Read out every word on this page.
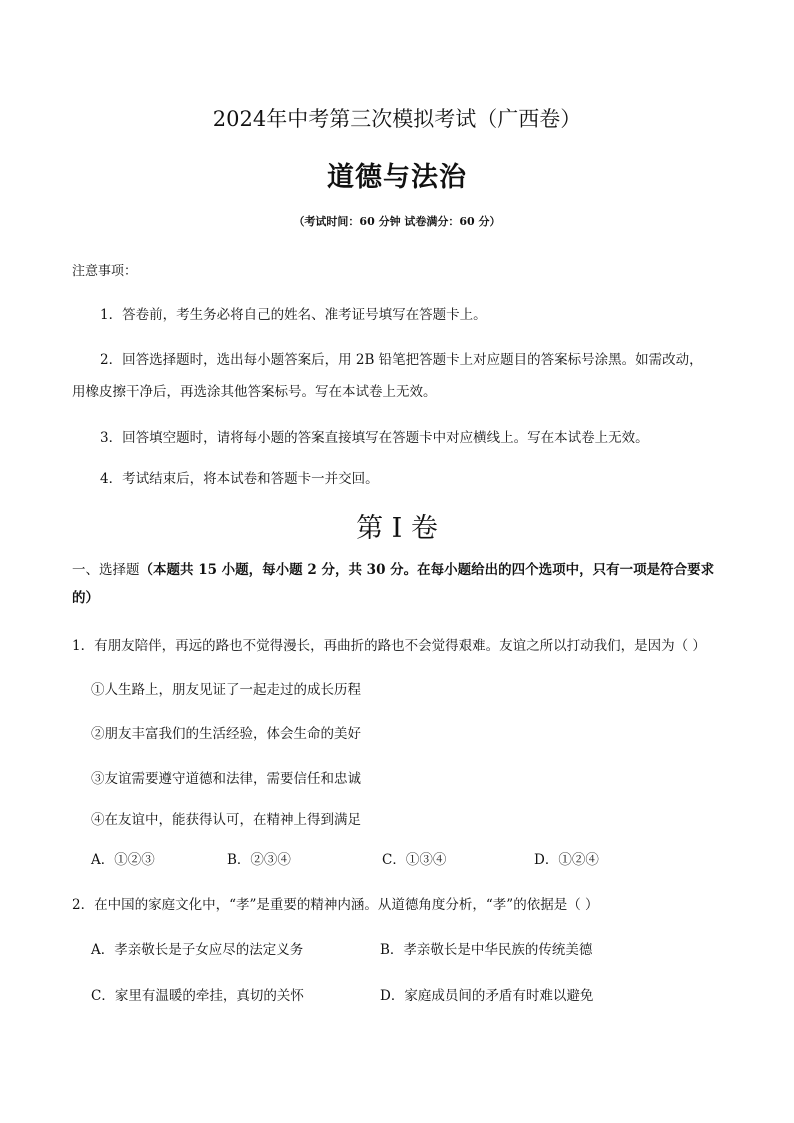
2024年中考第三次模拟考试（广西卷）
道德与法治
（考试时间：60 分钟 试卷满分：60 分）
注意事项：
1．答卷前，考生务必将自己的姓名、准考证号填写在答题卡上。
2．回答选择题时，选出每小题答案后，用 2B 铅笔把答题卡上对应题目的答案标号涂黑。如需改动，
用橡皮擦干净后，再选涂其他答案标号。写在本试卷上无效。
3．回答填空题时，请将每小题的答案直接填写在答题卡中对应横线上。写在本试卷上无效。
4．考试结束后，将本试卷和答题卡一并交回。
第 I 卷
一、选择题（本题共 15 小题，每小题 2 分，共 30 分。在每小题给出的四个选项中，只有一项是符合要求
的）
1．有朋友陪伴，再远的路也不觉得漫长，再曲折的路也不会觉得艰难。友谊之所以打动我们，是因为（ ）
①人生路上，朋友见证了一起走过的成长历程
②朋友丰富我们的生活经验，体会生命的美好
③友谊需要遵守道德和法律，需要信任和忠诚
④在友谊中，能获得认可，在精神上得到满足
A．①②③	B．②③④	C．①③④	D．①②④
2．在中国的家庭文化中，“孝”是重要的精神内涵。从道德角度分析，“孝”的依据是（ ）
A．孝亲敬长是子女应尽的法定义务	B．孝亲敬长是中华民族的传统美德
C．家里有温暖的牵挂，真切的关怀	D．家庭成员间的矛盾有时难以避免
